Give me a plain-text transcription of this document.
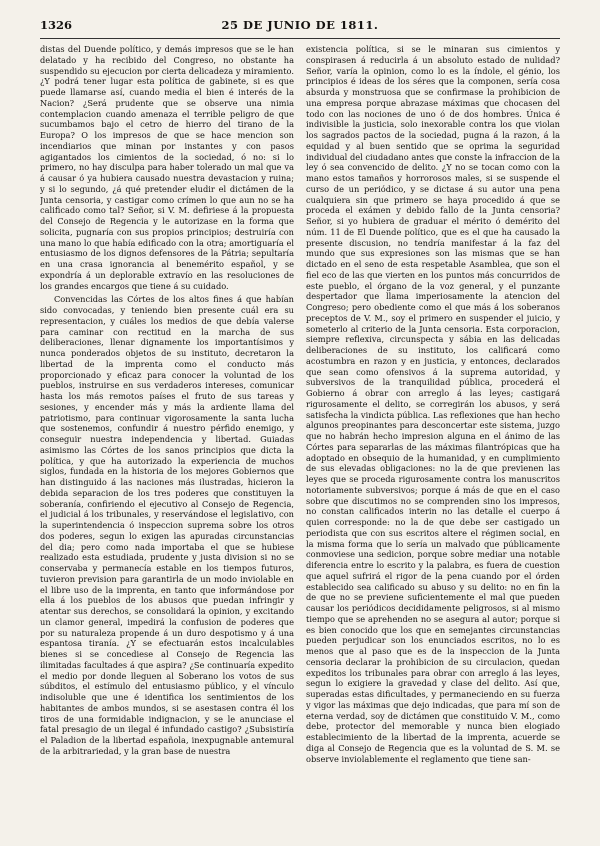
1326	25 DE JUNIO DE 1811.

distas del Duende político, y demás impresos que se le han delatado y ha recibido del Congreso, no obstante ha suspendido su ejecucion por cierta delicadeza y miramiento. ¿Y podrá tener lugar esta política de gabinete, si es que puede llamarse así, cuando media el bien é interés de la Nacion? ¿Será prudente que se observe una nimia contemplacion cuando amenaza el terrible peligro de que sucumbamos bajo el cetro de hierro del tirano de la Europa? O los impresos de que se hace mencion son incendiarios que minan por instantes y con pasos agigantados los cimientos de la sociedad, ó no: si lo primero, no hay disculpa para haber tolerado un mal que va á causar ó ya hubiera causado nuestra devastacion y ruina; y si lo segundo, ¿á qué pretender eludir el dictámen de la Junta censoria, y castigar como crímen lo que aun no se ha calificado como tal? Señor, si V. M. defiriese á la propuesta del Consejo de Regencia y le autorizase en la forma que solicita, pugnaría con sus propios principios; destruiría con una mano lo que había edificado con la otra; amortiguaría el entusiasmo de los dignos defensores de la Pátria; sepultaría en una crasa ignorancia al benemérito español, y se expondría á un deplorable extravío en las resoluciones de los grandes encargos que tiene á su cuidado.

Convencidas las Córtes de los altos fines á que habían sido convocadas, y teniendo bien presente cuál era su representacion, y cuáles los medios de que debía valerse para caminar con rectitud en la marcha de sus deliberaciones, llenar dignamente los importantísimos y nunca ponderados objetos de su instituto, decretaron la libertad de la imprenta como el conducto más proporcionado y eficaz para conocer la voluntad de los pueblos, instruirse en sus verdaderos intereses, comunicar hasta los más remotos países el fruto de sus tareas y sesiones, y encender más y más la ardiente llama del patriotismo, para continuar vigorosamente la santa lucha que sostenemos, confundir á nuestro pérfido enemigo, y conseguir nuestra independencia y libertad. Guiadas asimismo las Córtes de los sanos principios que dicta la política, y que ha autorizado la experiencia de muchos siglos, fundada en la historia de los mejores Gobiernos que han distinguido á las naciones más ilustradas, hicieron la debida separacion de los tres poderes que constituyen la soberanía, confiriendo el ejecutivo al Consejo de Regencia, el judicial á los tribunales, y reservándose el legislativo, con la superintendencia ó inspeccion suprema sobre los otros dos poderes, segun lo exigen las apuradas circunstancias del dia; pero como nada importaba el que se hubiese realizado esta estudiada, prudente y justa division si no se conservaba y permanecía estable en los tiempos futuros, tuvieron prevision para garantirla de un modo inviolable en el libre uso de la imprenta, en tanto que informándose por ella á los pueblos de los abusos que puedan infringir y atentar sus derechos, se consolidará la opinion, y excitando un clamor general, impedirá la confusion de poderes que por su naturaleza propende á un duro despotismo y á una espantosa tiranía. ¿Y se efectuarán estos incalculables bienes si se concediese al Consejo de Regencia las ilimitadas facultades á que aspira? ¿Se continuaría expedito el medio por donde lleguen al Soberano los votos de sus súbditos, el estímulo del entusiasmo público, y el vínculo indisoluble que une é identifica los sentimientos de los habitantes de ambos mundos, si se asestasen contra él los tiros de una formidable indignacion, y se le anunciase el fatal presagio de un ilegal é infundado castigo? ¿Subsistiría el Paladion de la libertad española, inexpugnable antemural de la arbitrariedad, y la gran base de nuestra

existencia política, si se le minaran sus cimientos y conspirasen á reducirla á un absoluto estado de nulidad? Señor, varía la opinion, como lo es la índole, el génio, los principios é ideas de los séres que la componen, sería cosa absurda y monstruosa que se confirmase la prohibicion de una empresa porque abrazase máximas que chocasen del todo con las nociones de uno ó de dos hombres. Única é indivisible la justicia, solo inexorable contra los que violan los sagrados pactos de la sociedad, pugna á la razon, á la equidad y al buen sentido que se oprima la seguridad individual del ciudadano antes que conste la infraccion de la ley ó sea convencido de delito. ¿Y no se tocan como con la mano estos tamaños y horrorosos males, si se suspende el curso de un periódico, y se dictase á su autor una pena cualquiera sin que primero se haya procedido á que se proceda el exámen y debido fallo de la Junta censoria? Señor, si yo hubiera de graduar el mérito ó demérito del núm. 11 de El Duende político, que es el que ha causado la presente discusion, no tendría manifestar á la faz del mundo que sus expresiones son las mismas que se han dictado en el seno de esta respetable Asamblea, que son el fiel eco de las que vierten en los puntos más concurridos de este pueblo, el órgano de la voz general, y el punzante despertador que llama imperiosamente la atencion del Congreso; pero obediente como el que más á los soberanos preceptos de V. M., soy el primero en suspender el juicio, y someterlo al criterio de la Junta censoria. Esta corporacion, siempre reflexiva, circunspecta y sábia en las delicadas deliberaciones de su instituto, los calificará como acostumbra en razon y en justicia, y entonces, declarados que sean como ofensivos á la suprema autoridad, y subversivos de la tranquilidad pública, procederá el Gobierno á obrar con arreglo á las leyes; castigará rigurosamente el delito, se corregirán los abusos, y será satisfecha la vindicta pública. Las reflexiones que han hecho algunos preopinantes para desconcertar este sistema, juzgo que no habrán hecho impresion alguna en el ánimo de las Córtes para separarlas de las máximas filantrópicas que ha adoptado en obsequio de la humanidad, y en cumplimiento de sus elevadas obligaciones: no la de que previenen las leyes que se proceda rigurosamente contra los manuscritos notoriamente subversivos; porque á más de que en el caso sobre que discutimos no se comprenden sino los impresos, no constan calificados interin no las detalle el cuerpo á quien corresponde: no la de que debe ser castigado un periodista que con sus escritos altere el régimen social, en la misma forma que lo sería un malvado que públicamente conmoviese una sedicion, porque sobre mediar una notable diferencia entre lo escrito y la palabra, es fuera de cuestion que aquel sufrirá el rigor de la pena cuando por el órden establecido sea calificado su abuso y su delito: no en fin la de que no se previene suficientemente el mal que pueden causar los periódicos decididamente peligrosos, si al mismo tiempo que se aprehenden no se asegura al autor; porque si es bien conocido que los que en semejantes circunstancias pueden perjudicar son los enunciados escritos, no lo es menos que al paso que es de la inspeccion de la Junta censoria declarar la prohibicion de su circulacion, quedan expeditos los tribunales para obrar con arreglo á las leyes, segun lo exigiere la gravedad y clase del delito. Así que, superadas estas dificultades, y permaneciendo en su fuerza y vigor las máximas que dejo indicadas, que para mí son de eterna verdad, soy de dictámen que constituido V. M., como debe, protector del memorable y nunca bien elogiado establecimiento de la libertad de la imprenta, acuerde se diga al Consejo de Regencia que es la voluntad de S. M. se observe inviolablemente el reglamento que tiene san-
